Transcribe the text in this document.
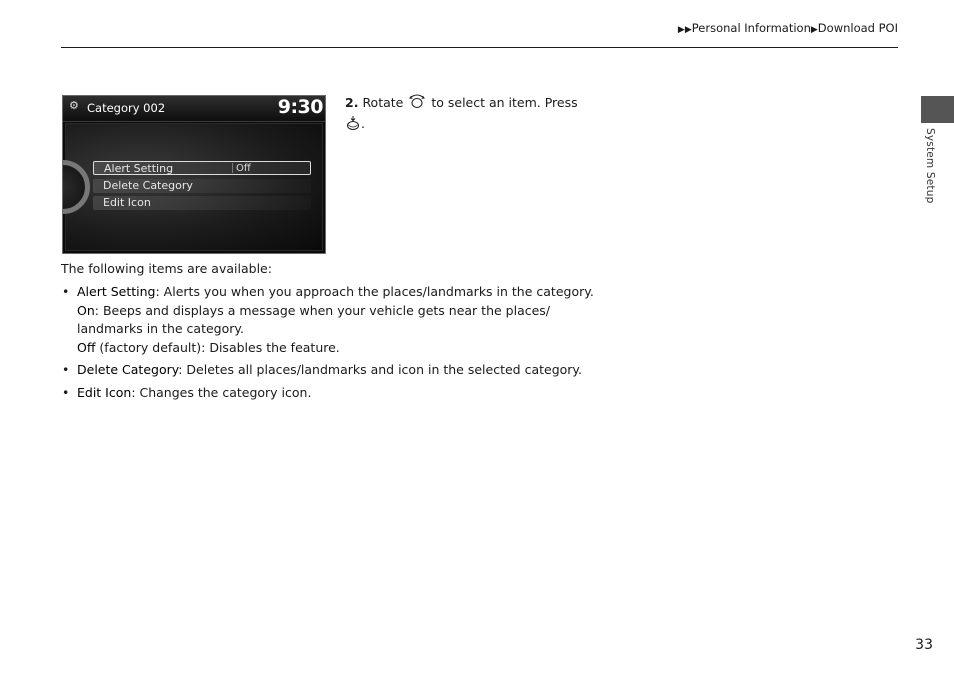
▶▶Personal Information▶Download POI
System Setup
⚙ Category 002	9:30
Alert Setting	Off
Delete Category
Edit Icon
2. Rotate to select an item. Press
.
The following items are available:
• Alert Setting: Alerts you when you approach the places/landmarks in the category.
On: Beeps and displays a message when your vehicle gets near the places/ landmarks in the category.
Off (factory default): Disables the feature.
• Delete Category: Deletes all places/landmarks and icon in the selected category.
• Edit Icon: Changes the category icon.
33
